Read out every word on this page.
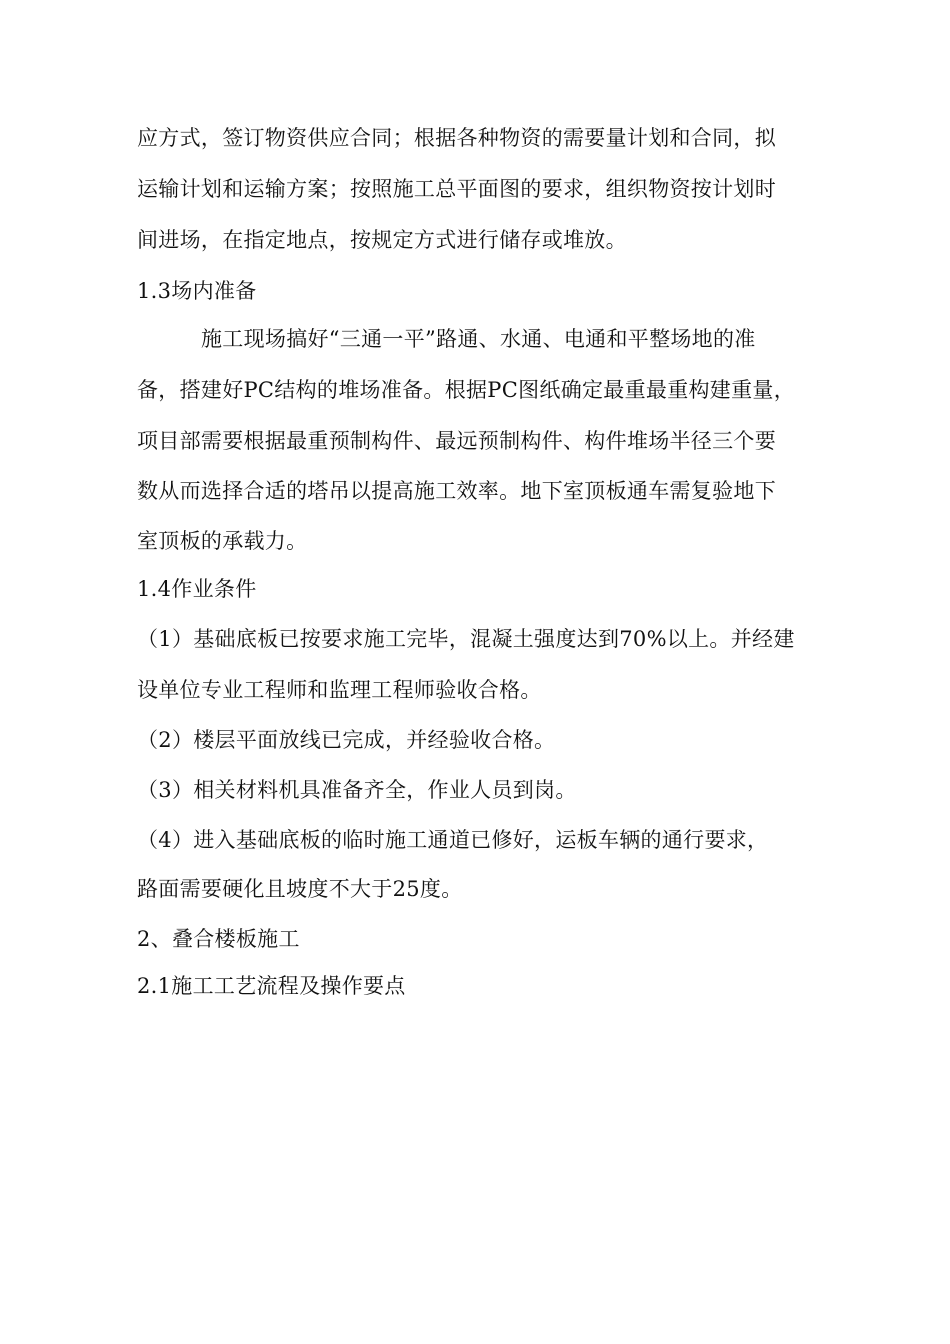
应方式，签订物资供应合同；根据各种物资的需要量计划和合同，拟
运输计划和运输方案；按照施工总平面图的要求，组织物资按计划时
间进场，在指定地点，按规定方式进行储存或堆放。
1.3场内准备
施工现场搞好“三通一平”路通、水通、电通和平整场地的准
备，搭建好PC结构的堆场准备。根据PC图纸确定最重最重构建重量，
项目部需要根据最重预制构件、最远预制构件、构件堆场半径三个要
数从而选择合适的塔吊以提高施工效率。地下室顶板通车需复验地下
室顶板的承载力。
1.4作业条件
（1）基础底板已按要求施工完毕，混凝土强度达到70%以上。并经建
设单位专业工程师和监理工程师验收合格。
（2）楼层平面放线已完成，并经验收合格。
（3）相关材料机具准备齐全，作业人员到岗。
（4）进入基础底板的临时施工通道已修好，运板车辆的通行要求，
路面需要硬化且坡度不大于25度。
2、叠合楼板施工
2.1施工工艺流程及操作要点
